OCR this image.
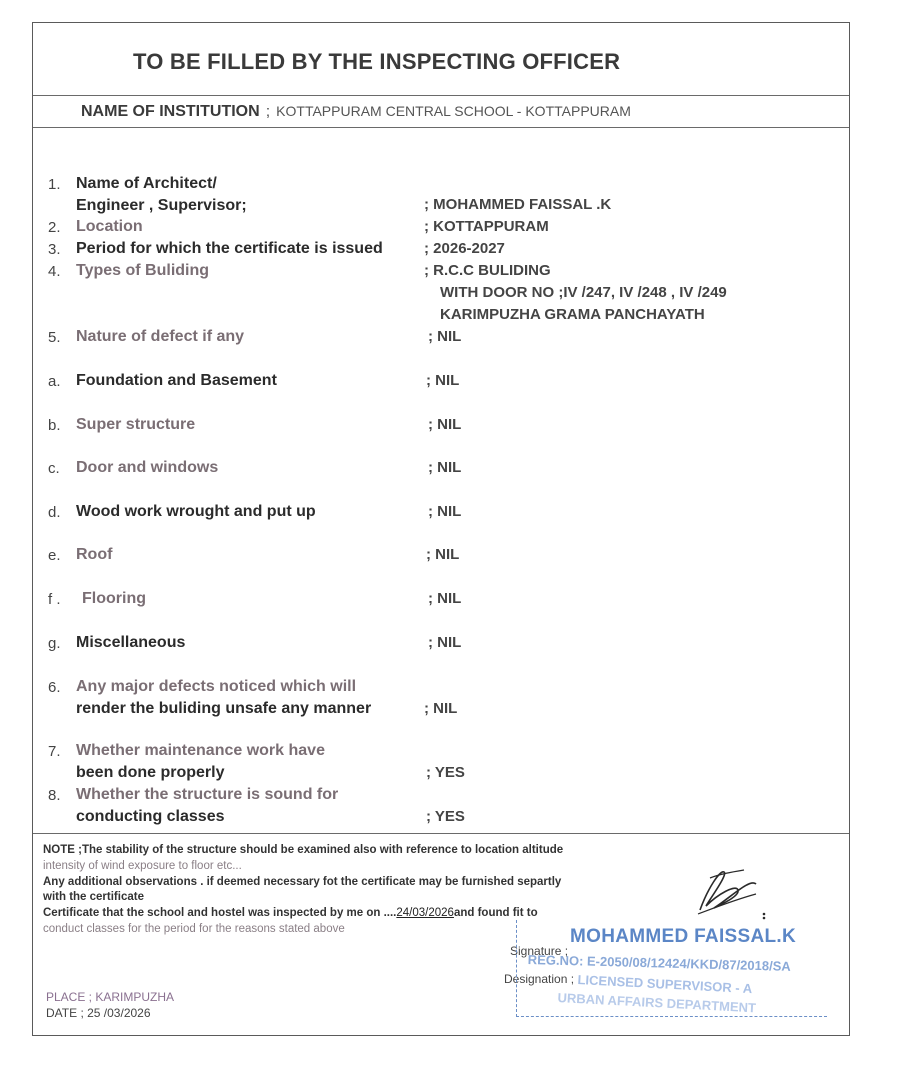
TO BE FILLED BY THE INSPECTING OFFICER
NAME OF INSTITUTION ; KOTTAPPURAM CENTRAL SCHOOL - KOTTAPPURAM
NOTE ;The stability of the structure should be examined also with reference to location altitude
intensity of wind exposure to floor etc...
Any additional observations . if deemed necessary fot the certificate may be furnished separtly
with the certificate
Certificate that the school and hostel was inspected by me on ....24/03/2026and found fit to
conduct classes for the period for the reasons stated above
1. Name of Architect/
Engineer , Supervisor;	; MOHAMMED FAISSAL .K
2. Location	; KOTTAPPURAM
3. Period for which the certificate is issued	; 2026-2027
4. Types of Buliding	; R.C.C BULIDING
WITH DOOR NO ;IV /247, IV /248 , IV /249
KARIMPUZHA GRAMA PANCHAYATH
5. Nature of defect if any	; NIL
a. Foundation and Basement	; NIL
b. Super structure	; NIL
c. Door and windows	; NIL
d. Wood work wrought and put up	; NIL
e. Roof	; NIL
f . Flooring	; NIL
g. Miscellaneous	; NIL
6. Any major defects noticed which will
render the buliding unsafe any manner	; NIL
7. Whether maintenance work have
been done properly	; YES
8. Whether the structure is sound for
conducting classes	; YES
Signature ;
Designation ;
MOHAMMED FAISSAL.K
REG.NO: E-2050/08/12424/KKD/87/2018/SA
LICENSED SUPERVISOR - A
URBAN AFFAIRS DEPARTMENT
PLACE ; KARIMPUZHA
DATE ; 25 /03/2026
